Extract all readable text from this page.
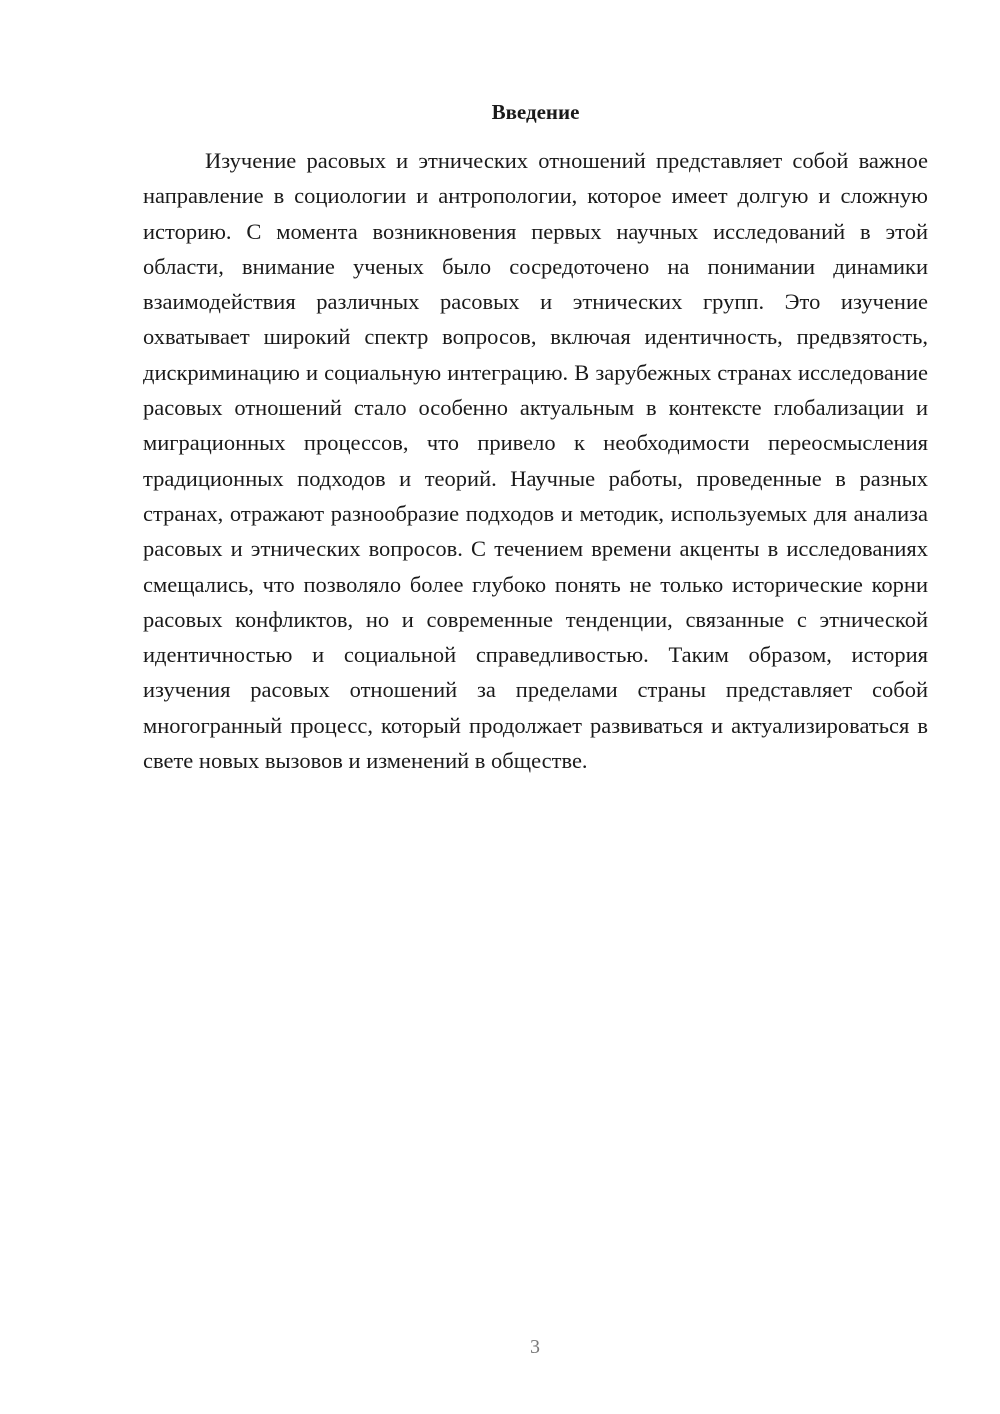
Введение

Изучение расовых и этнических отношений представляет собой важное направление в социологии и антропологии, которое имеет долгую и сложную историю. С момента возникновения первых научных исследований в этой области, внимание ученых было сосредоточено на понимании динамики взаимодействия различных расовых и этнических групп. Это изучение охватывает широкий спектр вопросов, включая идентичность, предвзятость, дискриминацию и социальную интеграцию. В зарубежных странах исследование расовых отношений стало особенно актуальным в контексте глобализации и миграционных процессов, что привело к необходимости переосмысления традиционных подходов и теорий. Научные работы, проведенные в разных странах, отражают разнообразие подходов и методик, используемых для анализа расовых и этнических вопросов. С течением времени акценты в исследованиях смещались, что позволяло более глубоко понять не только исторические корни расовых конфликтов, но и современные тенденции, связанные с этнической идентичностью и социальной справедливостью. Таким образом, история изучения расовых отношений за пределами страны представляет собой многогранный процесс, который продолжает развиваться и актуализироваться в свете новых вызовов и изменений в обществе.

3
